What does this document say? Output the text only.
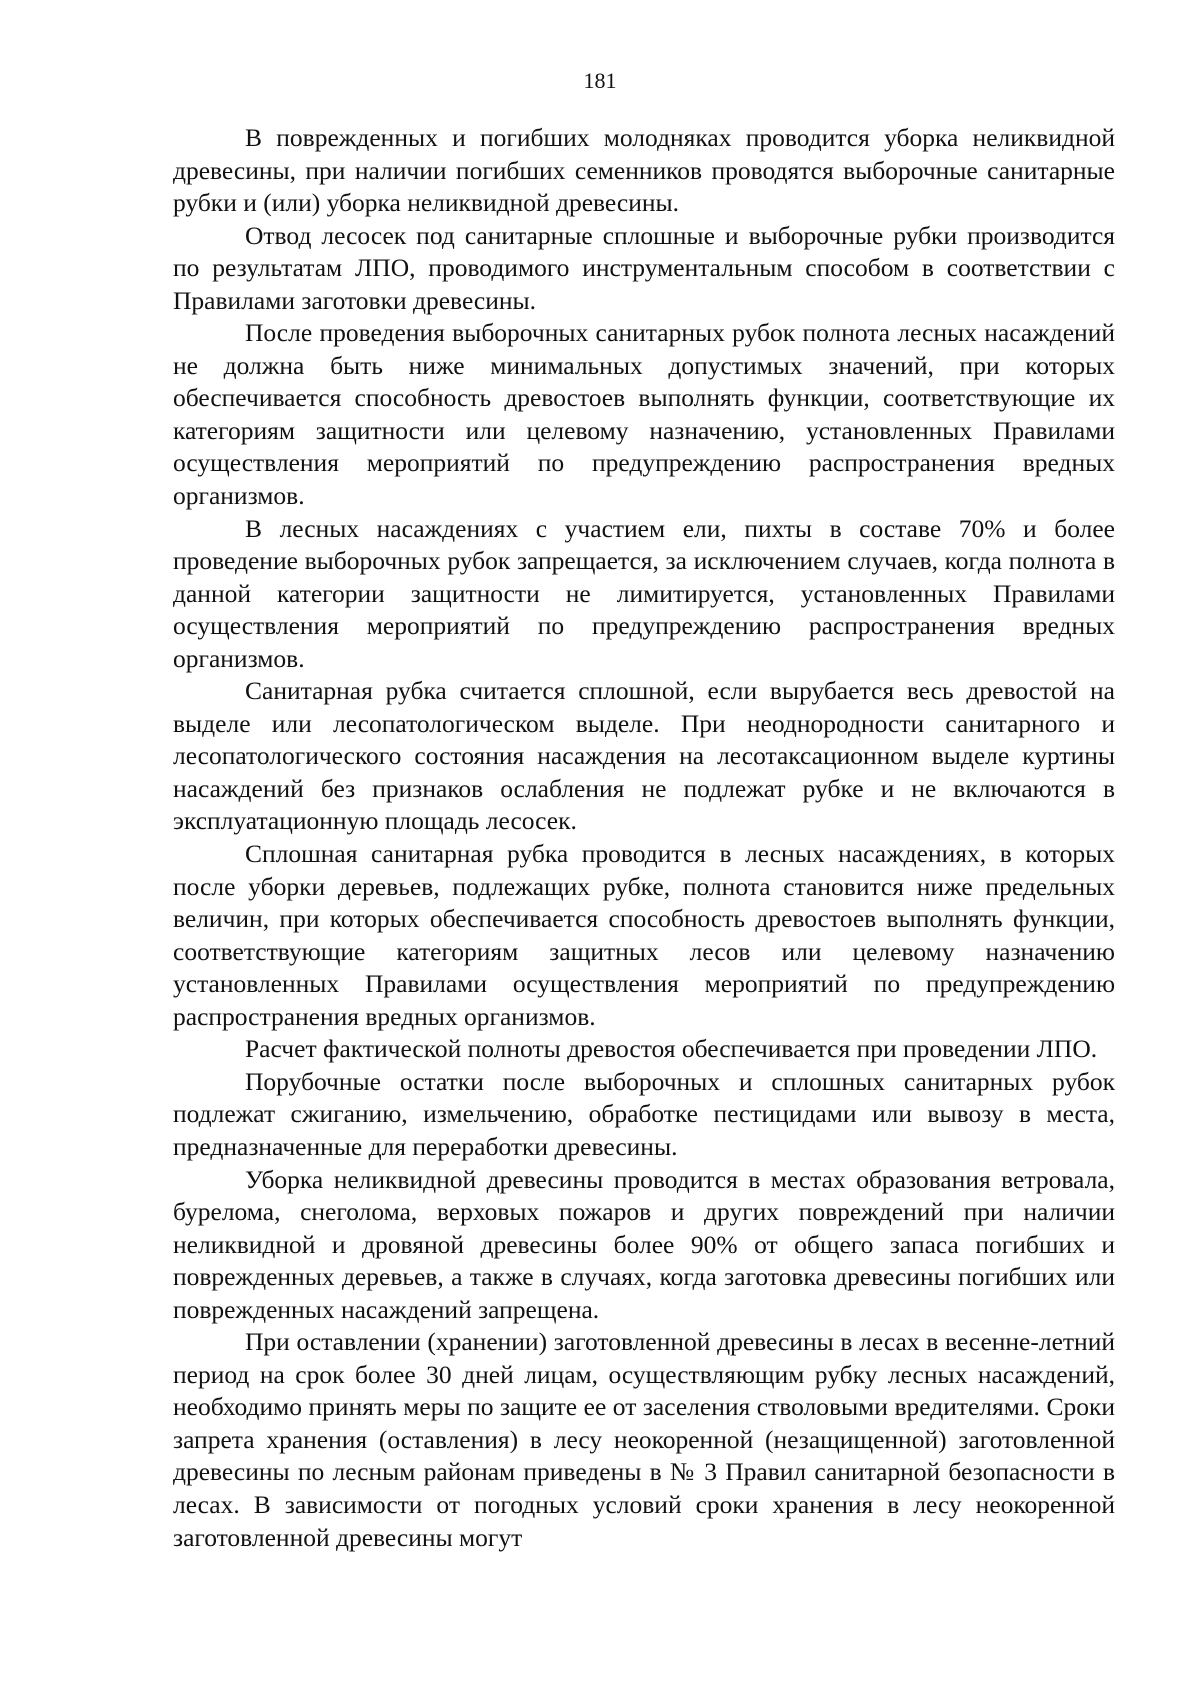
181

В поврежденных и погибших молодняках проводится уборка неликвидной древесины, при наличии погибших семенников проводятся выборочные санитарные рубки и (или) уборка неликвидной древесины.

Отвод лесосек под санитарные сплошные и выборочные рубки производится по результатам ЛПО, проводимого инструментальным способом в соответствии с Правилами заготовки древесины.

После проведения выборочных санитарных рубок полнота лесных насаждений не должна быть ниже минимальных допустимых значений, при которых обеспечивается способность древостоев выполнять функции, соответствующие их категориям защитности или целевому назначению, установленных Правилами осуществления мероприятий по предупреждению распространения вредных организмов.

В лесных насаждениях с участием ели, пихты в составе 70% и более проведение выборочных рубок запрещается, за исключением случаев, когда полнота в данной категории защитности не лимитируется, установленных Правилами осуществления мероприятий по предупреждению распространения вредных организмов.

Санитарная рубка считается сплошной, если вырубается весь древостой на выделе или лесопатологическом выделе. При неоднородности санитарного и лесопатологического состояния насаждения на лесотаксационном выделе куртины насаждений без признаков ослабления не подлежат рубке и не включаются в эксплуатационную площадь лесосек.

Сплошная санитарная рубка проводится в лесных насаждениях, в которых после уборки деревьев, подлежащих рубке, полнота становится ниже предельных величин, при которых обеспечивается способность древостоев выполнять функции, соответствующие категориям защитных лесов или целевому назначению установленных Правилами осуществления мероприятий по предупреждению распространения вредных организмов.

Расчет фактической полноты древостоя обеспечивается при проведении ЛПО.

Порубочные остатки после выборочных и сплошных санитарных рубок подлежат сжиганию, измельчению, обработке пестицидами или вывозу в места, предназначенные для переработки древесины.

Уборка неликвидной древесины проводится в местах образования ветровала, бурелома, снеголома, верховых пожаров и других повреждений при наличии неликвидной и дровяной древесины более 90% от общего запаса погибших и поврежденных деревьев, а также в случаях, когда заготовка древесины погибших или поврежденных насаждений запрещена.

При оставлении (хранении) заготовленной древесины в лесах в весенне-летний период на срок более 30 дней лицам, осуществляющим рубку лесных насаждений, необходимо принять меры по защите ее от заселения стволовыми вредителями. Сроки запрета хранения (оставления) в лесу неокоренной (незащищенной) заготовленной древесины по лесным районам приведены в № 3 Правил санитарной безопасности в лесах. В зависимости от погодных условий сроки хранения в лесу неокоренной заготовленной древесины могут
